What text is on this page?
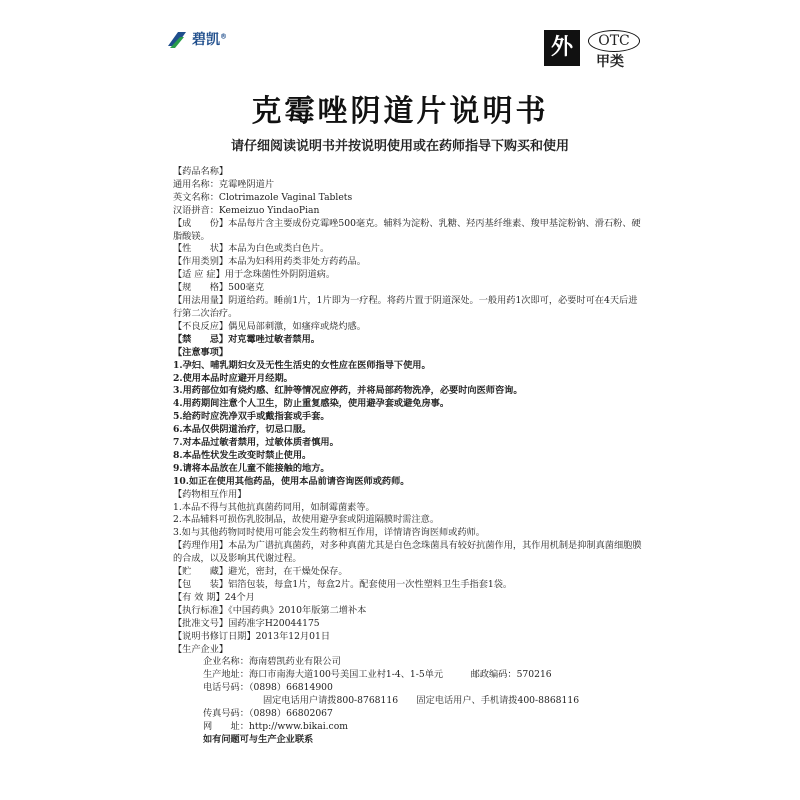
碧凯®	外	OTC
甲类
克霉唑阴道片说明书
请仔细阅读说明书并按说明使用或在药师指导下购买和使用
【药品名称】
通用名称：克霉唑阴道片
英文名称：Clotrimazole Vaginal Tablets
汉语拼音：Kemeizuo YindaoPian
【成　　份】本品每片含主要成份克霉唑500毫克。辅料为淀粉、乳糖、羟丙基纤维素、羧甲基淀粉钠、滑石粉、硬脂酸镁。
【性　　状】本品为白色或类白色片。
【作用类别】本品为妇科用药类非处方药药品。
【适 应 症】用于念珠菌性外阴阴道病。
【规　　格】500毫克
【用法用量】阴道给药。睡前1片，1片即为一疗程。将药片置于阴道深处。一般用药1次即可，必要时可在4天后进行第二次治疗。
【不良反应】偶见局部刺激，如瘙痒或烧灼感。
【禁　　忌】对克霉唑过敏者禁用。
【注意事项】
1.孕妇、哺乳期妇女及无性生活史的女性应在医师指导下使用。
2.使用本品时应避开月经期。
3.用药部位如有烧灼感、红肿等情况应停药，并将局部药物洗净，必要时向医师咨询。
4.用药期间注意个人卫生，防止重复感染，使用避孕套或避免房事。
5.给药时应洗净双手或戴指套或手套。
6.本品仅供阴道治疗，切忌口服。
7.对本品过敏者禁用，过敏体质者慎用。
8.本品性状发生改变时禁止使用。
9.请将本品放在儿童不能接触的地方。
10.如正在使用其他药品，使用本品前请咨询医师或药师。
【药物相互作用】
1.本品不得与其他抗真菌药同用，如制霉菌素等。
2.本品辅料可损伤乳胶制品，故使用避孕套或阴道隔膜时需注意。
3.如与其他药物同时使用可能会发生药物相互作用，详情请咨询医师或药师。
【药理作用】本品为广谱抗真菌药，对多种真菌尤其是白色念珠菌具有较好抗菌作用，其作用机制是抑制真菌细胞膜的合成，以及影响其代谢过程。
【贮　　藏】避光，密封，在干燥处保存。
【包　　装】铝箔包装，每盒1片，每盒2片。配套使用一次性塑料卫生手指套1袋。
【有 效 期】24个月
【执行标准】《中国药典》2010年版第二增补本
【批准文号】国药准字H20044175
【说明书修订日期】2013年12月01日
【生产企业】
企业名称：海南碧凯药业有限公司
生产地址：海口市南海大道100号美国工业村1-4、1-5单元　　　邮政编码：570216
电话号码：（0898）66814900
固定电话用户请拨800-8768116　　固定电话用户、手机请拨400-8868116
传真号码：（0898）66802067
网　　址：http://www.bikai.com
如有问题可与生产企业联系
